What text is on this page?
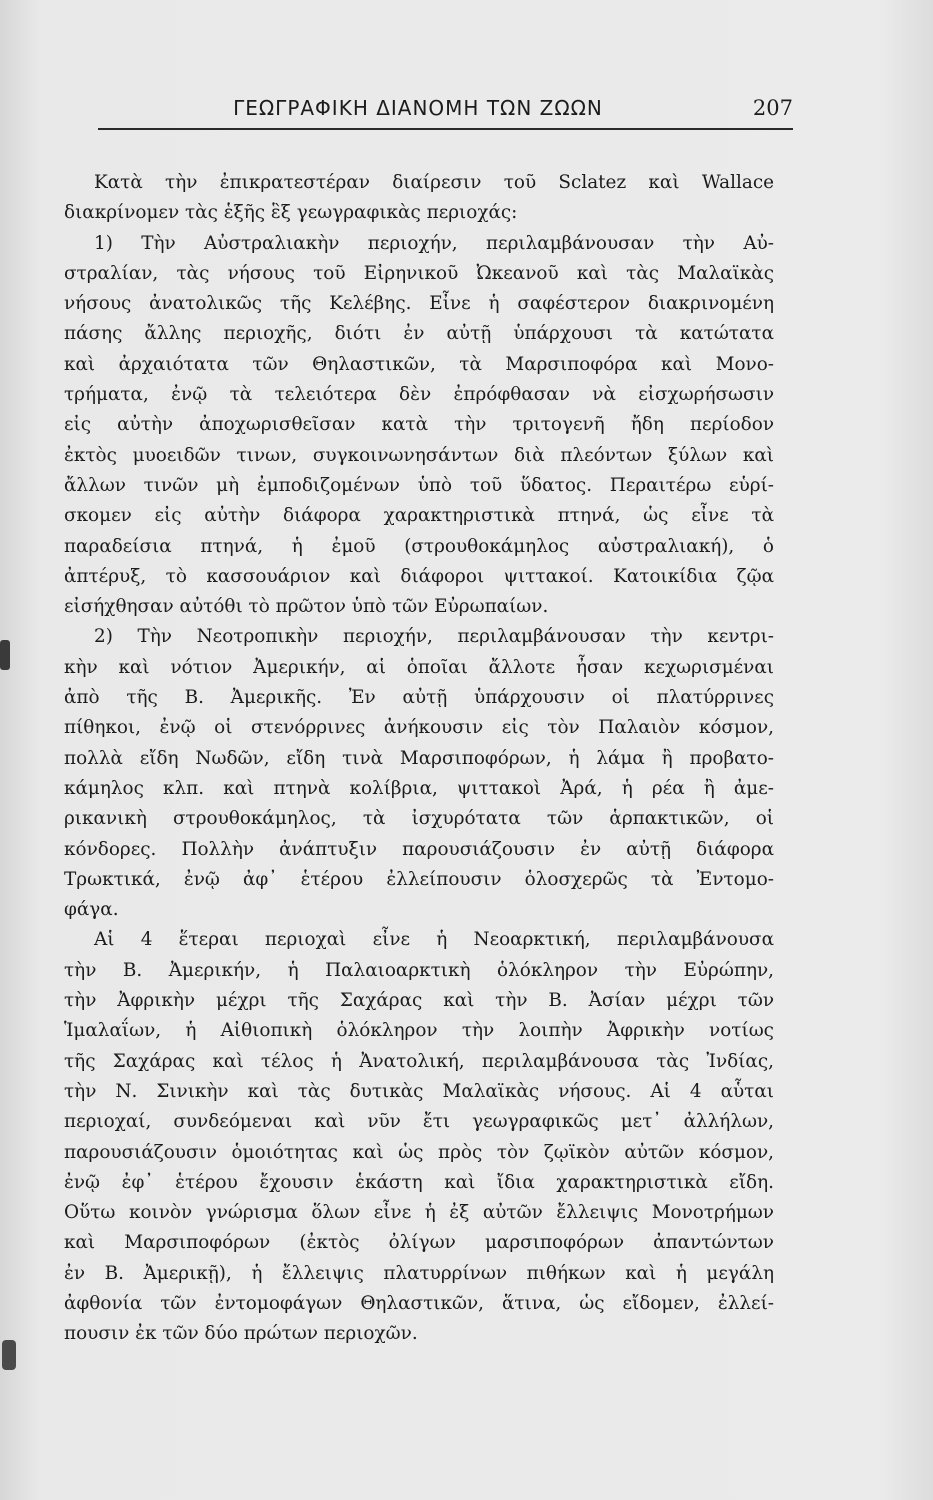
ΓΕΩΓΡΑΦΙΚΗ ΔΙΑΝΟΜΗ ΤΩΝ ΖΩΩΝ	207
Κατὰ τὴν ἐπικρατεστέραν διαίρεσιν τοῦ Sclatez καὶ Wallace
διακρίνομεν τὰς ἑξῆς ἓξ γεωγραφικὰς περιοχάς:
1) Τὴν Αὐστραλιακὴν περιοχήν, περιλαμβάνουσαν τὴν Αὐ-
στραλίαν, τὰς νήσους τοῦ Εἰρηνικοῦ Ὠκεανοῦ καὶ τὰς Μαλαϊκὰς
νήσους ἀνατολικῶς τῆς Κελέβης. Εἶνε ἡ σαφέστερον διακρινομένη
πάσης ἄλλης περιοχῆς, διότι ἐν αὐτῇ ὑπάρχουσι τὰ κατώτατα
καὶ ἀρχαιότατα τῶν Θηλαστικῶν, τὰ Μαρσιποφόρα καὶ Μονο-
τρήματα, ἐνῷ τὰ τελειότερα δὲν ἐπρόφθασαν νὰ εἰσχωρήσωσιν
εἰς αὐτὴν ἀποχωρισθεῖσαν κατὰ τὴν τριτογενῆ ἤδη περίοδον
ἐκτὸς μυοειδῶν τινων, συγκοινωνησάντων διὰ πλεόντων ξύλων καὶ
ἄλλων τινῶν μὴ ἐμποδιζομένων ὑπὸ τοῦ ὕδατος. Περαιτέρω εὑρί-
σκομεν εἰς αὐτὴν διάφορα χαρακτηριστικὰ πτηνά, ὡς εἶνε τὰ
παραδείσια πτηνά, ἡ ἐμοῦ (στρουθοκάμηλος αὐστραλιακή), ὁ
ἀπτέρυξ, τὸ κασσουάριον καὶ διάφοροι ψιττακοί. Κατοικίδια ζῷα
εἰσήχθησαν αὐτόθι τὸ πρῶτον ὑπὸ τῶν Εὐρωπαίων.
2) Τὴν Νεοτροπικὴν περιοχήν, περιλαμβάνουσαν τὴν κεντρι-
κὴν καὶ νότιον Ἀμερικήν, αἱ ὁποῖαι ἄλλοτε ἦσαν κεχωρισμέναι
ἀπὸ τῆς Β. Ἀμερικῆς. Ἐν αὐτῇ ὑπάρχουσιν οἱ πλατύρρινες
πίθηκοι, ἐνῷ οἱ στενόρρινες ἀνήκουσιν εἰς τὸν Παλαιὸν κόσμον,
πολλὰ εἴδη Νωδῶν, εἴδη τινὰ Μαρσιποφόρων, ἡ λάμα ἢ προβατο-
κάμηλος κλπ. καὶ πτηνὰ κολίβρια, ψιττακοὶ Ἀρά, ἡ ρέα ἢ ἀμε-
ρικανικὴ στρουθοκάμηλος, τὰ ἰσχυρότατα τῶν ἁρπακτικῶν, οἱ
κόνδορες. Πολλὴν ἀνάπτυξιν παρουσιάζουσιν ἐν αὐτῇ διάφορα
Τρωκτικά, ἐνῷ ἀφ᾽ ἑτέρου ἐλλείπουσιν ὁλοσχερῶς τὰ Ἐντομο-
φάγα.
Αἱ 4 ἕτεραι περιοχαὶ εἶνε ἡ Νεοαρκτική, περιλαμβάνουσα
τὴν Β. Ἀμερικήν, ἡ Παλαιοαρκτικὴ ὁλόκληρον τὴν Εὐρώπην,
τὴν Ἀφρικὴν μέχρι τῆς Σαχάρας καὶ τὴν Β. Ἀσίαν μέχρι τῶν
Ἱμαλαΐων, ἡ Αἰθιοπικὴ ὁλόκληρον τὴν λοιπὴν Ἀφρικὴν νοτίως
τῆς Σαχάρας καὶ τέλος ἡ Ἀνατολική, περιλαμβάνουσα τὰς Ἰνδίας,
τὴν Ν. Σινικὴν καὶ τὰς δυτικὰς Μαλαϊκὰς νήσους. Αἱ 4 αὗται
περιοχαί, συνδεόμεναι καὶ νῦν ἔτι γεωγραφικῶς μετ᾽ ἀλλήλων,
παρουσιάζουσιν ὁμοιότητας καὶ ὡς πρὸς τὸν ζῳϊκὸν αὐτῶν κόσμον,
ἐνῷ ἐφ᾽ ἑτέρου ἔχουσιν ἑκάστη καὶ ἴδια χαρακτηριστικὰ εἴδη.
Οὕτω κοινὸν γνώρισμα ὅλων εἶνε ἡ ἐξ αὐτῶν ἔλλειψις Μονοτρήμων
καὶ Μαρσιποφόρων (ἐκτὸς ὀλίγων μαρσιποφόρων ἀπαντώντων
ἐν Β. Ἀμερικῇ), ἡ ἔλλειψις πλατυρρίνων πιθήκων καὶ ἡ μεγάλη
ἀφθονία τῶν ἐντομοφάγων Θηλαστικῶν, ἅτινα, ὡς εἴδομεν, ἐλλεί-
πουσιν ἐκ τῶν δύο πρώτων περιοχῶν.
